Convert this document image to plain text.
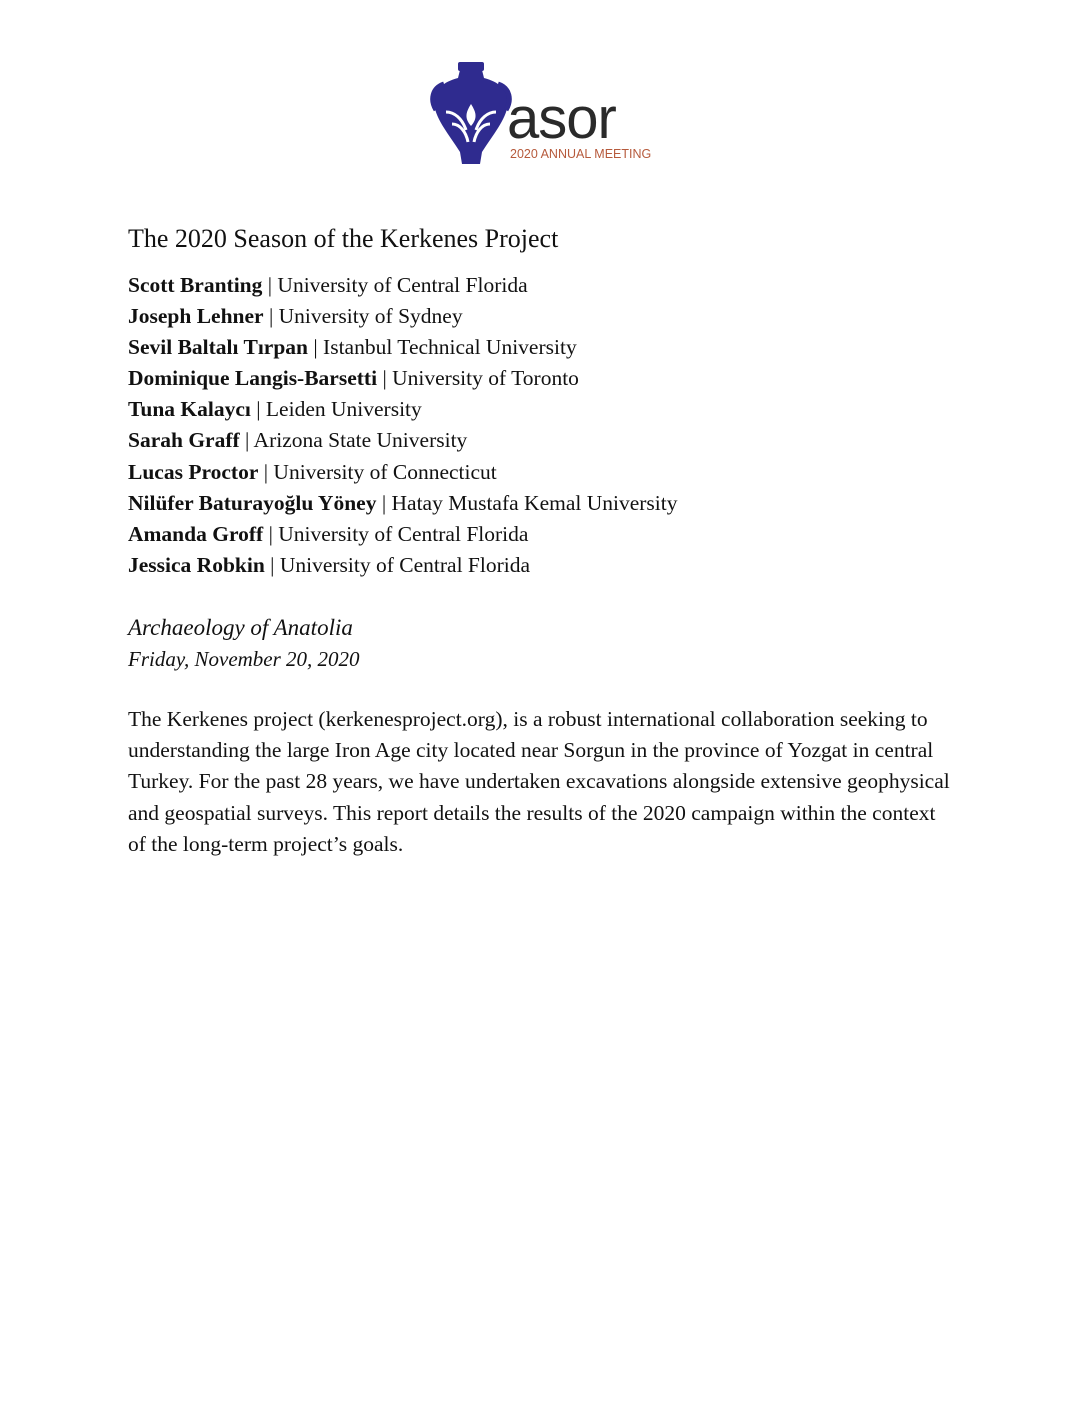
asor
2020 ANNUAL MEETING
The 2020 Season of the Kerkenes Project
Scott Branting | University of Central Florida
Joseph Lehner | University of Sydney
Sevil Baltalı Tırpan | Istanbul Technical University
Dominique Langis-Barsetti | University of Toronto
Tuna Kalaycı | Leiden University
Sarah Graff | Arizona State University
Lucas Proctor | University of Connecticut
Nilüfer Baturayoğlu Yöney | Hatay Mustafa Kemal University
Amanda Groff | University of Central Florida
Jessica Robkin | University of Central Florida
Archaeology of Anatolia
Friday, November 20, 2020

The Kerkenes project (kerkenesproject.org), is a robust international collaboration seeking to understanding the large Iron Age city located near Sorgun in the province of Yozgat in central Turkey. For the past 28 years, we have undertaken excavations alongside extensive geophysical and geospatial surveys. This report details the results of the 2020 campaign within the context of the long-term project’s goals.
